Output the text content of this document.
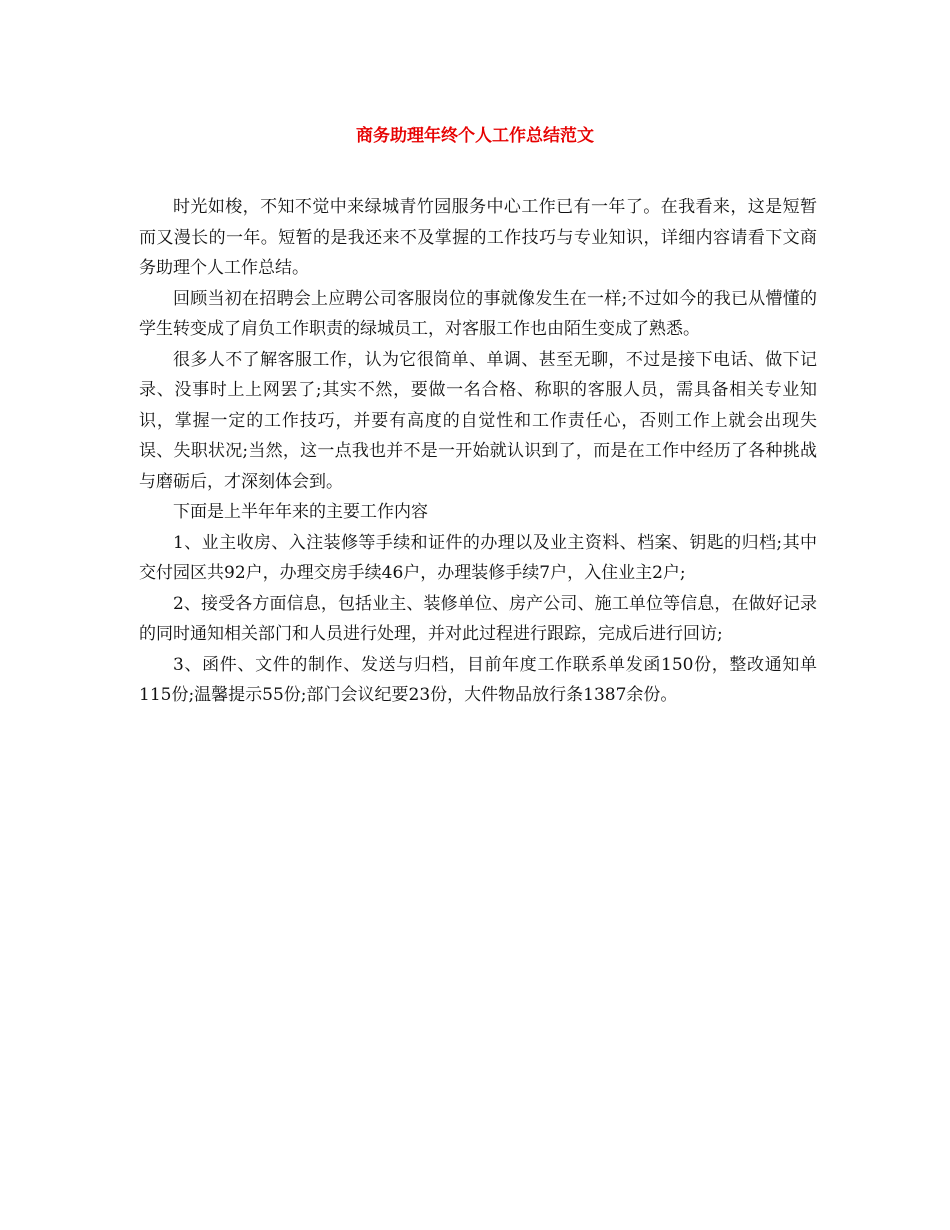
商务助理年终个人工作总结范文

时光如梭，不知不觉中来绿城青竹园服务中心工作已有一年了。在我看来，这是短暂而又漫长的一年。短暂的是我还来不及掌握的工作技巧与专业知识，详细内容请看下文商务助理个人工作总结。

回顾当初在招聘会上应聘公司客服岗位的事就像发生在一样;不过如今的我已从懵懂的学生转变成了肩负工作职责的绿城员工，对客服工作也由陌生变成了熟悉。

很多人不了解客服工作，认为它很简单、单调、甚至无聊，不过是接下电话、做下记录、没事时上上网罢了;其实不然，要做一名合格、称职的客服人员，需具备相关专业知识，掌握一定的工作技巧，并要有高度的自觉性和工作责任心，否则工作上就会出现失误、失职状况;当然，这一点我也并不是一开始就认识到了，而是在工作中经历了各种挑战与磨砺后，才深刻体会到。

下面是上半年年来的主要工作内容

1、业主收房、入注装修等手续和证件的办理以及业主资料、档案、钥匙的归档;其中交付园区共92户，办理交房手续46户，办理装修手续7户，入住业主2户;

2、接受各方面信息，包括业主、装修单位、房产公司、施工单位等信息，在做好记录的同时通知相关部门和人员进行处理，并对此过程进行跟踪，完成后进行回访;

3、函件、文件的制作、发送与归档，目前年度工作联系单发函150份，整改通知单115份;温馨提示55份;部门会议纪要23份，大件物品放行条1387余份。
